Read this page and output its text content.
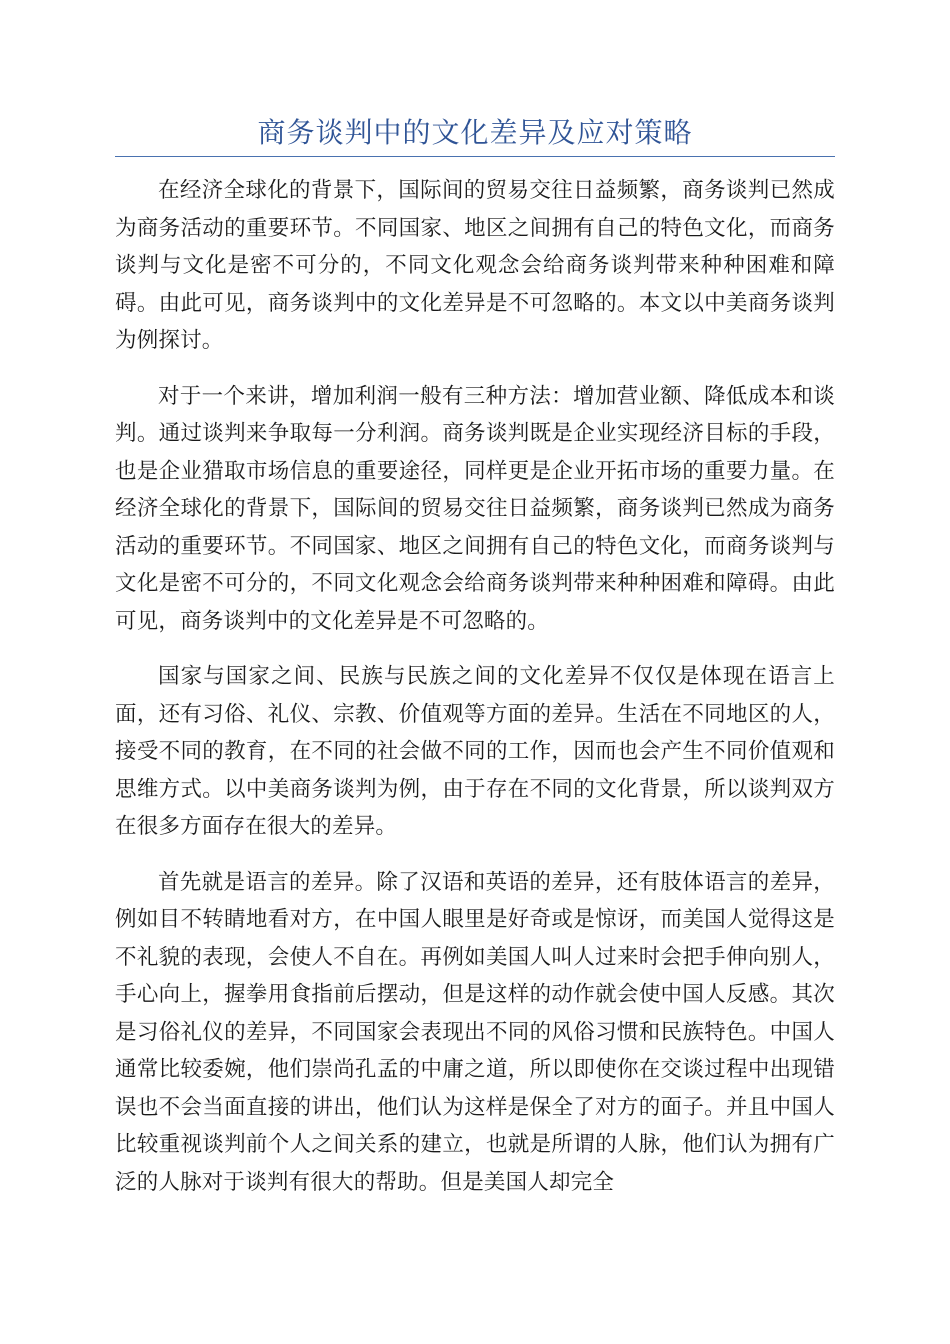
商务谈判中的文化差异及应对策略

在经济全球化的背景下，国际间的贸易交往日益频繁，商务谈判已然成为商务活动的重要环节。不同国家、地区之间拥有自己的特色文化，而商务谈判与文化是密不可分的，不同文化观念会给商务谈判带来种种困难和障碍。由此可见，商务谈判中的文化差异是不可忽略的。本文以中美商务谈判为例探讨。

对于一个来讲，增加利润一般有三种方法：增加营业额、降低成本和谈判。通过谈判来争取每一分利润。商务谈判既是企业实现经济目标的手段，也是企业猎取市场信息的重要途径，同样更是企业开拓市场的重要力量。在经济全球化的背景下，国际间的贸易交往日益频繁，商务谈判已然成为商务活动的重要环节。不同国家、地区之间拥有自己的特色文化，而商务谈判与文化是密不可分的，不同文化观念会给商务谈判带来种种困难和障碍。由此可见，商务谈判中的文化差异是不可忽略的。

国家与国家之间、民族与民族之间的文化差异不仅仅是体现在语言上面，还有习俗、礼仪、宗教、价值观等方面的差异。生活在不同地区的人，接受不同的教育，在不同的社会做不同的工作，因而也会产生不同价值观和思维方式。以中美商务谈判为例，由于存在不同的文化背景，所以谈判双方在很多方面存在很大的差异。

首先就是语言的差异。除了汉语和英语的差异，还有肢体语言的差异，例如目不转睛地看对方，在中国人眼里是好奇或是惊讶，而美国人觉得这是不礼貌的表现，会使人不自在。再例如美国人叫人过来时会把手伸向别人，手心向上，握拳用食指前后摆动，但是这样的动作就会使中国人反感。其次是习俗礼仪的差异，不同国家会表现出不同的风俗习惯和民族特色。中国人通常比较委婉，他们崇尚孔孟的中庸之道，所以即使你在交谈过程中出现错误也不会当面直接的讲出，他们认为这样是保全了对方的面子。并且中国人比较重视谈判前个人之间关系的建立，也就是所谓的人脉，他们认为拥有广泛的人脉对于谈判有很大的帮助。但是美国人却完全
